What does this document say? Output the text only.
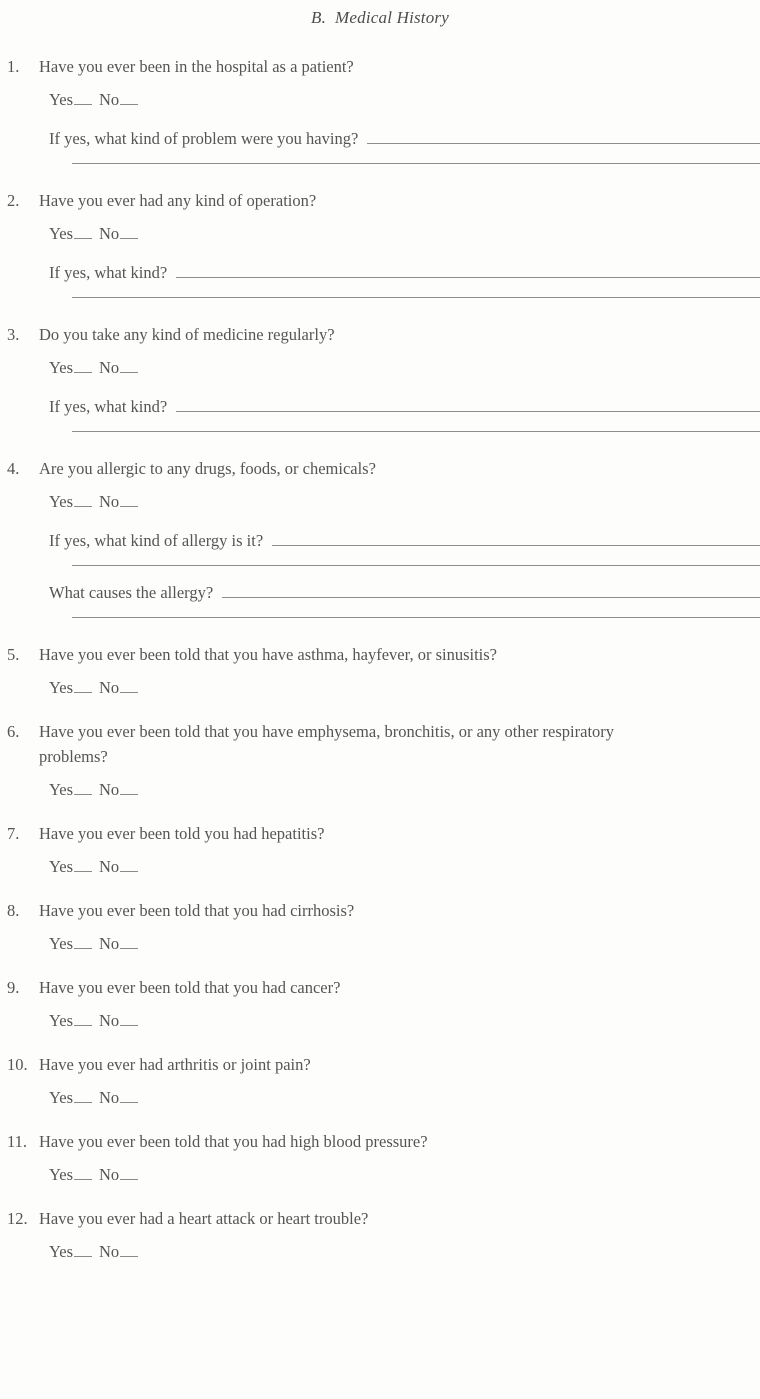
B. Medical History
1.	Have you ever been in the hospital as a patient?
Yes No
If yes, what kind of problem were you having?
2.	Have you ever had any kind of operation?
Yes No
If yes, what kind?
3.	Do you take any kind of medicine regularly?
Yes No
If yes, what kind?
4.	Are you allergic to any drugs, foods, or chemicals?
Yes No
If yes, what kind of allergy is it?
What causes the allergy?
5.	Have you ever been told that you have asthma, hayfever, or sinusitis?
Yes No
6.	Have you ever been told that you have emphysema, bronchitis, or any other respiratory problems?
Yes No
7.	Have you ever been told you had hepatitis?
Yes No
8.	Have you ever been told that you had cirrhosis?
Yes No
9.	Have you ever been told that you had cancer?
Yes No
10. Have you ever had arthritis or joint pain?
Yes No
11. Have you ever been told that you had high blood pressure?
Yes No
12. Have you ever had a heart attack or heart trouble?
Yes No
